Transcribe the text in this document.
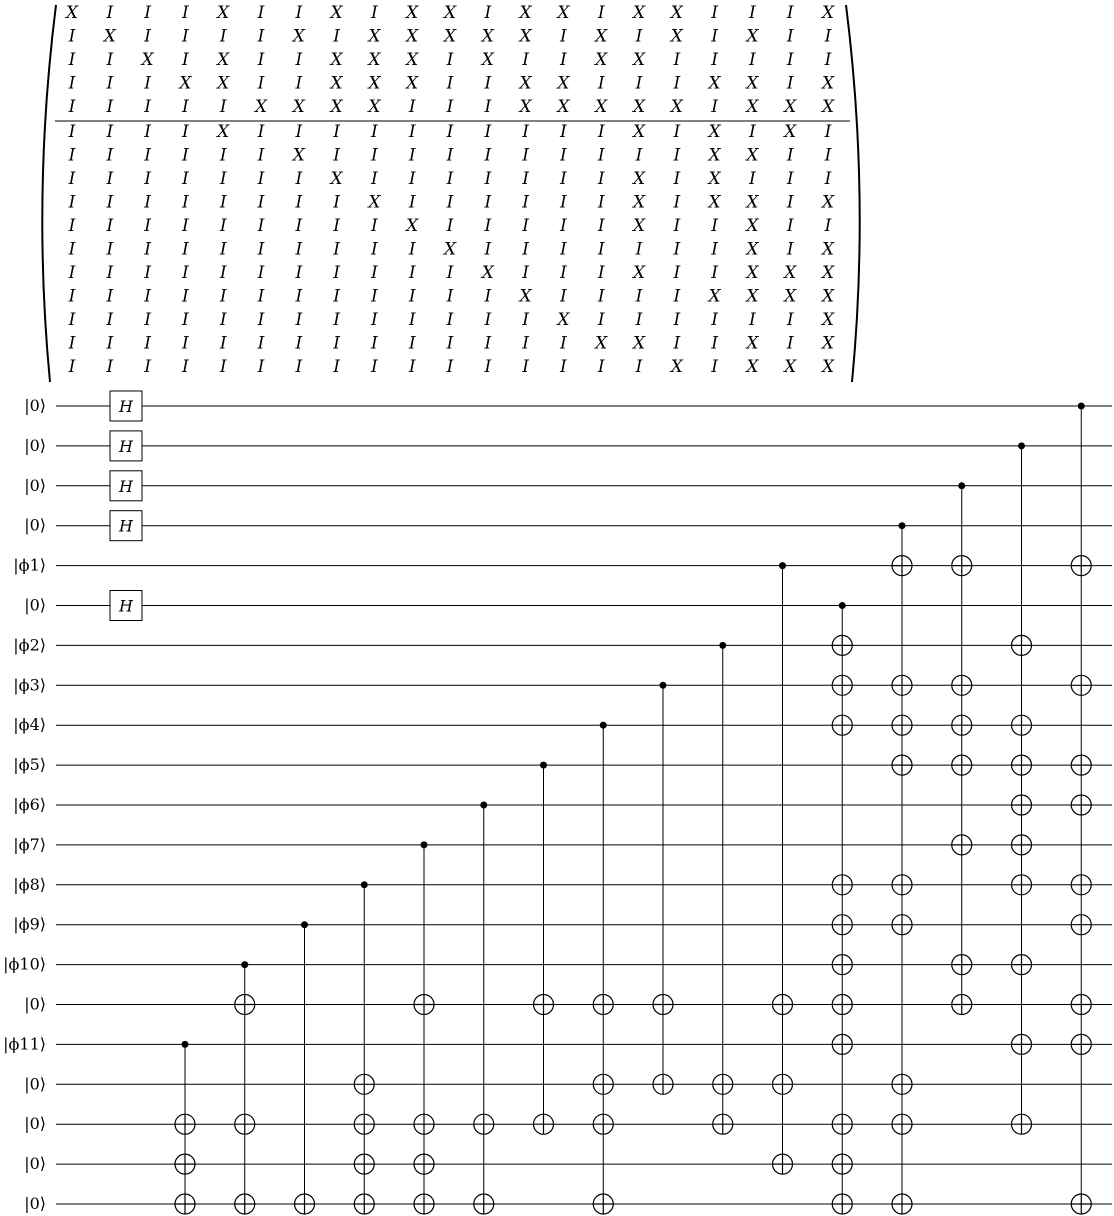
X I I I X I I X I X X I X X I X X I I I X
I X I I I I X I X X X X X I X I X I X I I
I I X I X I I X X X I X I I X X I I I I I
I I I X X I I X X X I I X X I I I X X I X
I I I I I X X X X I I I X X X X X I X X X
I I I I X I I I I I I I I I I X I X I X I
I I I I I I X I I I I I I I I I I X X I I
I I I I I I I X I I I I I I I X I X I I I
I I I I I I I I X I I I I I I X I X X I X
I I I I I I I I I X I I I I I X I I X I I
I I I I I I I I I I X I I I I I I I X I X
I I I I I I I I I I I X I I I X I I X X X
I I I I I I I I I I I I X I I I I X X X X
I I I I I I I I I I I I I X I I I I I I X
I I I I I I I I I I I I I I X X I I X I X
I I I I I I I I I I I I I I I I X I X X X
H
H
H
H
H
|0⟩
|0⟩
|0⟩
|0⟩
|ϕ1⟩
|0⟩
|ϕ2⟩
|ϕ3⟩
|ϕ4⟩
|ϕ5⟩
|ϕ6⟩
|ϕ7⟩
|ϕ8⟩
|ϕ9⟩
|ϕ10⟩
|0⟩
|ϕ11⟩
|0⟩
|0⟩
|0⟩
|0⟩
